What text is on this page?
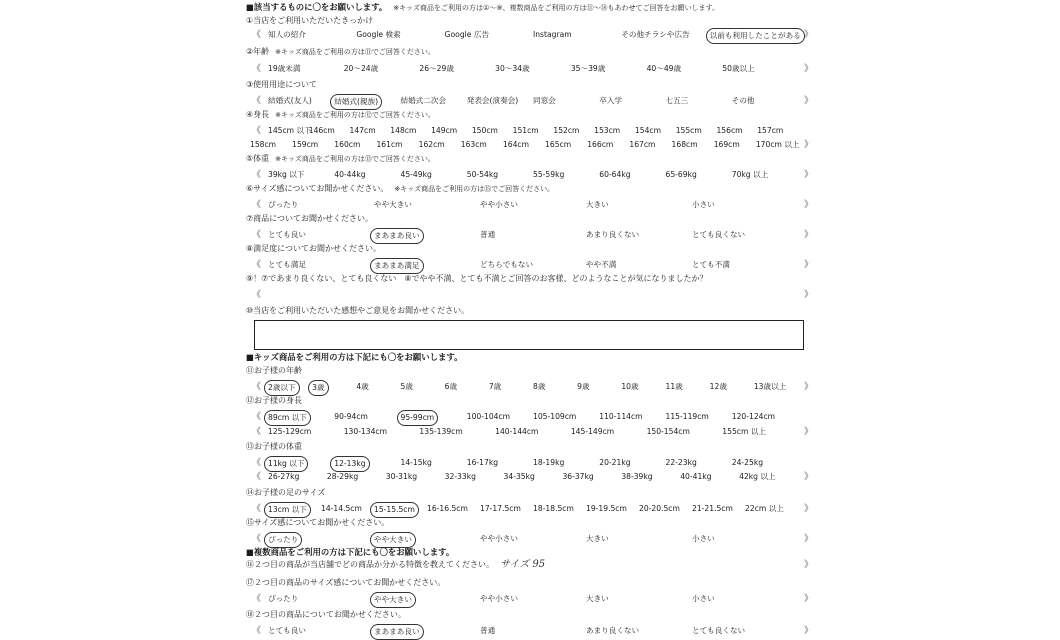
■該当するものに〇をお願いします。 ※キッズ商品をご利用の方は①〜⑨、複数商品をご利用の方は⑪〜⑱もあわせてご回答をお願いします。
■キッズ商品をご利用の方は下記にも〇をお願いします。
■複数商品をご利用の方は下記にも〇をお願いします。
①当店をご利用いただいたきっかけ
《 知人の紹介	Google 検索	Google 広告	Instagram	その他チラシや広告	以前も利用したことがある 》
②年齢 ※キッズ商品をご利用の方は⑪でご回答ください。
《 19歳未満	20〜24歳	26〜29歳	30〜34歳	35〜39歳	40〜49歳	50歳以上	》
③使用用途について
《 結婚式(友人)	結婚式(親族)	結婚式二次会	発表会(演奏会) 同窓会	卒入学	七五三	その他	》
④身長 ※キッズ商品をご利用の方は⑫でご回答ください。
《 145cm 以下
146cm 147cm 148cm 149cm 150cm 151cm 152cm 153cm 154cm 155cm 156cm 157cm
158cm 159cm 160cm 161cm 162cm 163cm 164cm 165cm 166cm 167cm 168cm 169cm 170cm 以上 》
⑤体重 ※キッズ商品をご利用の方は⑬でご回答ください。
《 39kg 以下	40-44kg	45-49kg	50-54kg	55-59kg	60-64kg	65-69kg	70kg 以上	》
⑥サイズ感についてお聞かせください。 ※キッズ商品をご利用の方は⑮でご回答ください。
《 ぴったり	やや大きい	やや小さい	大きい	小さい	》
⑦商品についてお聞かせください。
《 とても良い	まあまあ良い	普通	あまり良くない	とても良くない	》
⑧満足度についてお聞かせください。
《 とても満足	まあまあ満足	どちらでもない	やや不満	とても不満	》
⑨！⑦であまり良くない、とても良くない　⑧でやや不満、とても不満とご回答のお客様、どのようなことが気になりましたか？
《	》
⑩当店をご利用いただいた感想やご意見をお聞かせください。
⑪お子様の年齢
《 2歳以下	3歳	4歳	5歳	6歳	7歳	8歳	9歳	10歳	11歳	12歳	13歳以上 》
⑫お子様の身長
《 89cm 以下	90-94cm	95-99cm	100-104cm	105-109cm	110-114cm	115-119cm	120-124cm
《 125-129cm	130-134cm	135-139cm	140-144cm	145-149cm	150-154cm	155cm 以上	》
⑬お子様の体重
《 11kg 以下	12-13kg	14-15kg	16-17kg	18-19kg	20-21kg	22-23kg	24-25kg
《 26-27kg	28-29kg	30-31kg	32-33kg	34-35kg	36-37kg	38-39kg	40-41kg	42kg 以上	》
⑭お子様の足のサイズ
《 13cm 以下	14-14.5cm	15-15.5cm	16-16.5cm 17-17.5cm 18-18.5cm 19-19.5cm 20-20.5cm 21-21.5cm 22cm 以上 》
⑮サイズ感についてお聞かせください。
《 ぴったり	やや大きい	やや小さい	大きい	小さい	》
⑯２つ目の商品が当店舗でどの商品か分かる特徴を教えてください。 サイズ 95	》
⑰２つ目の商品のサイズ感についてお聞かせください。
《 ぴったり	やや大きい	やや小さい	大きい	小さい	》
⑱２つ目の商品についてお聞かせください。
《 とても良い	まあまあ良い	普通	あまり良くない	とても良くない	》
